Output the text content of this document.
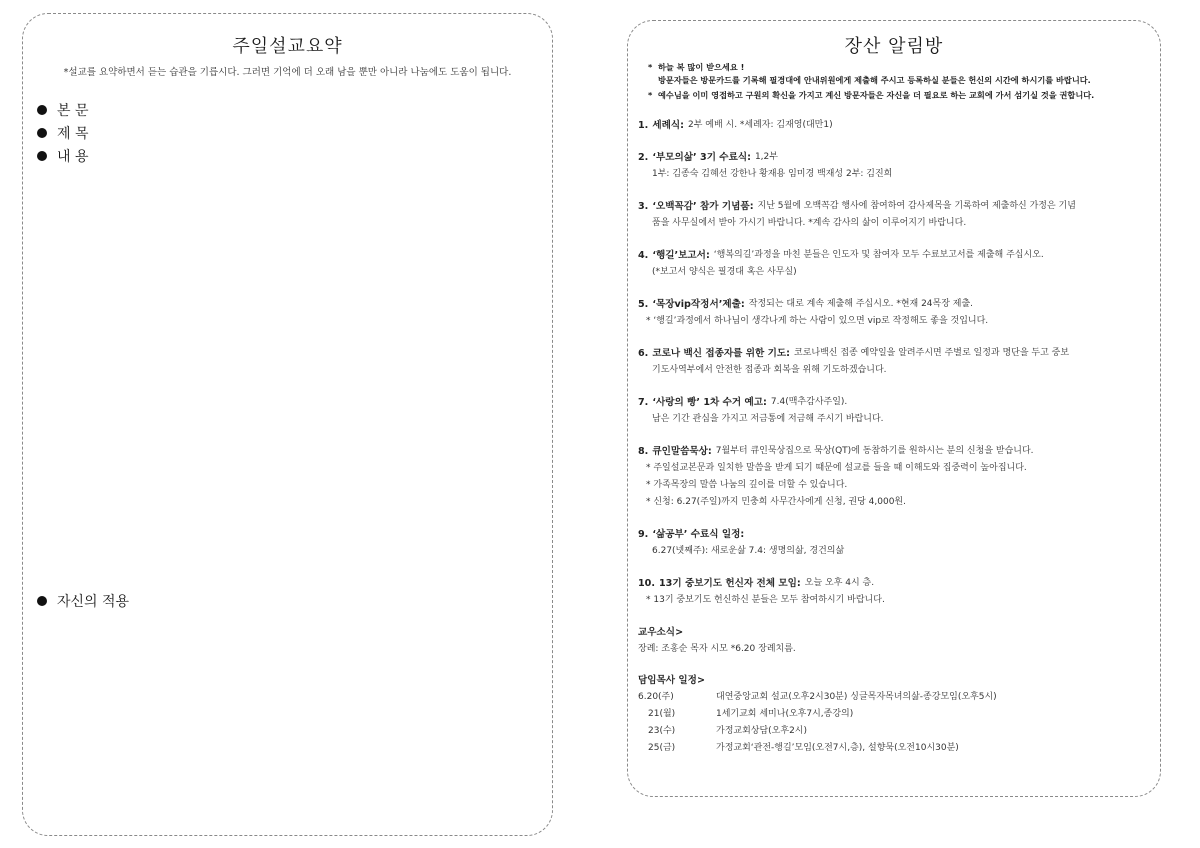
주일설교요약
*설교를 요약하면서 듣는 습관을 기릅시다. 그러면 기억에 더 오래 남을 뿐만 아니라 나눔에도 도움이 됩니다.
본 문
제 목
내 용
자신의 적용
장산 알림방
* 하늘 복 많이 받으세요 !
방문자들은 방문카드를 기록해 필경대에 안내위원에게 제출해 주시고 등록하실 분들은 헌신의 시간에 하시기를 바랍니다.
* 예수님을 이미 영접하고 구원의 확신을 가지고 계신 방문자들은 자신을 더 필요로 하는 교회에 가서 섬기실 것을 권합니다.
1. 세례식: 2부 예배 시. *세례자: 김재영(대만1)
2. ‘부모의삶’ 3기 수료식: 1,2부
1부: 김종숙 김혜선 강한나 황재용 임미경 백재성 2부: 김진희
3. ‘오백꼭감’ 참가 기념품: 지난 5월에 오백꼭감 행사에 참여하여 감사제목을 기록하여 제출하신 가정은 기념
품을 사무실에서 받아 가시기 바랍니다. *계속 감사의 삶이 이루어지기 바랍니다.
4. ‘행길’보고서: ‘행복의길’과정을 마친 분들은 인도자 및 참여자 모두 수료보고서를 제출해 주십시오.
(*보고서 양식은 필경대 혹은 사무실)
5. ‘목장vip작정서’제출: 작정되는 대로 계속 제출해 주십시오. *현재 24목장 제출.
* ‘행길’과정에서 하나님이 생각나게 하는 사람이 있으면 vip로 작정해도 좋을 것입니다.
6. 코로나 백신 접종자를 위한 기도: 코로나백신 접종 예약일을 알려주시면 주별로 일정과 명단을 두고 중보
기도사역부에서 안전한 접종과 회복을 위해 기도하겠습니다.
7. ‘사랑의 빵’ 1차 수거 예고: 7.4(맥추감사주일).
남은 기간 관심을 가지고 저금통에 저금해 주시기 바랍니다.
8. 큐인말씀묵상: 7월부터 큐인묵상집으로 묵상(QT)에 동참하기를 원하시는 분의 신청을 받습니다.
* 주일설교본문과 일치한 말씀을 받게 되기 때문에 설교를 들을 때 이해도와 집중력이 높아집니다.
* 가족목장의 말씀 나눔의 깊이를 더할 수 있습니다.
* 신청: 6.27(주일)까지 민충희 사무간사에게 신청, 권당 4,000원.
9. ‘삶공부’ 수료식 일정:
6.27(넷째주): 새로운삶 7.4: 생명의삶, 경건의삶
10. 13기 중보기도 헌신자 전체 모임: 오늘 오후 4시 층.
* 13기 중보기도 헌신하신 분들은 모두 참여하시기 바랍니다.
교우소식>
장례: 조홍순 목자 시모 *6.20 장례치름.
담임목사 일정>
6.20(주)	대연중앙교회 설교(오후2시30분) 싱글목자목녀의삶-종강모임(오후5시)
21(월)	1세기교회 세미나(오후7시,종강의)
23(수)	가정교회상담(오후2시)
25(금)	가정교회‘관전-행길’모임(오전7시,층), 설향묵(오전10시30분)
